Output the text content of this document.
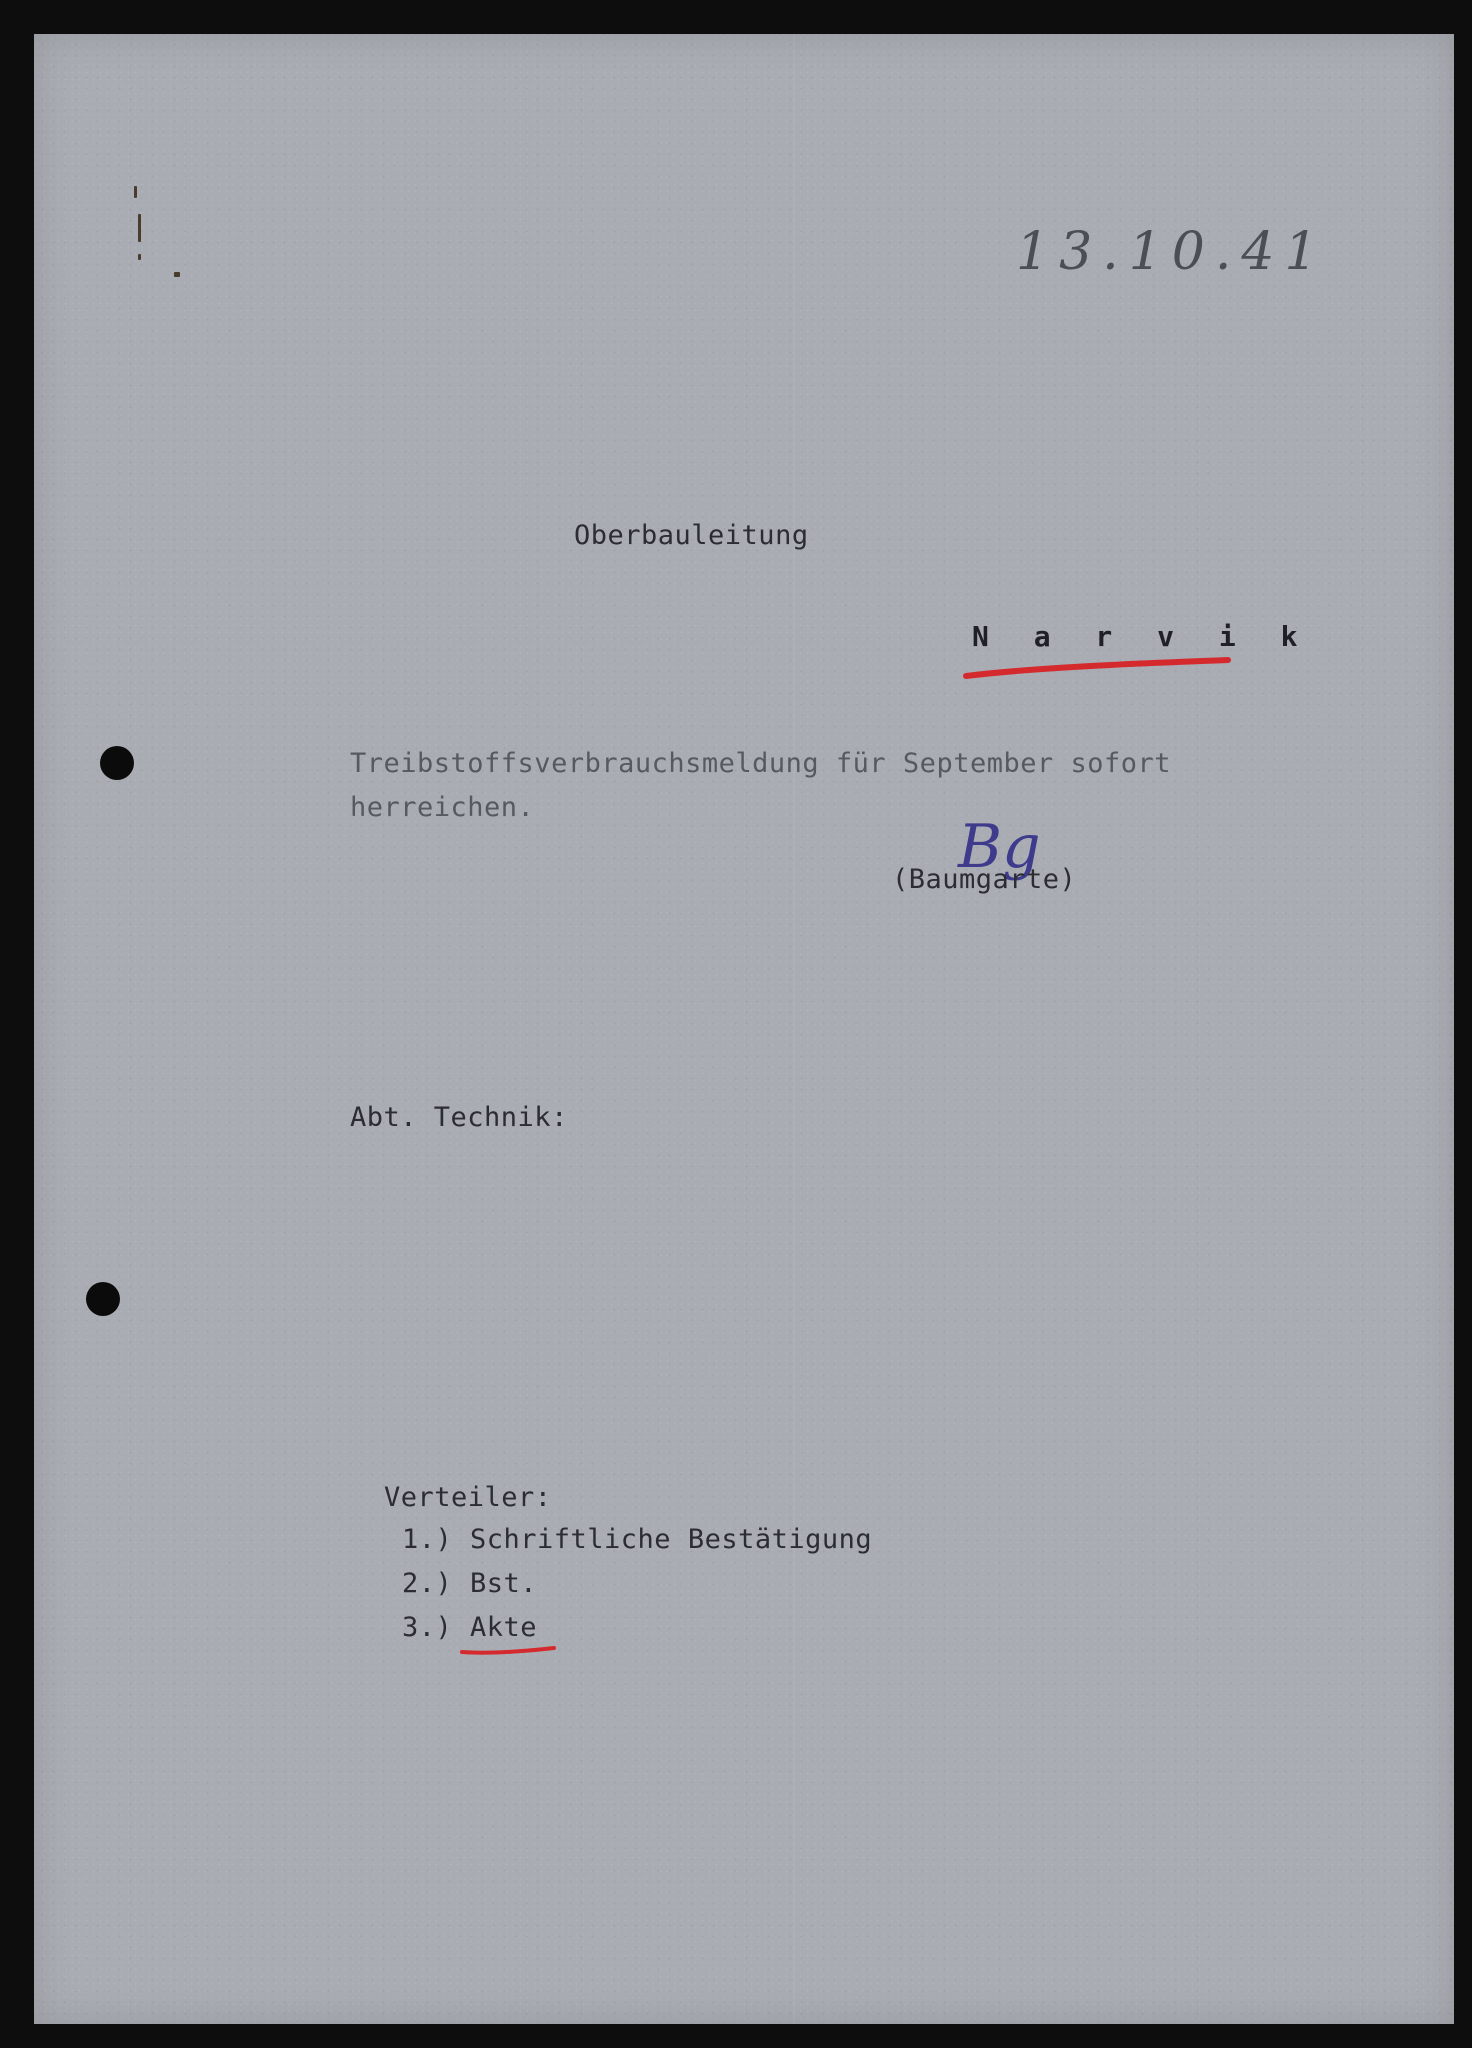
13.10.41
Oberbauleitung
N a r v i k
Treibstoffsverbrauchsmeldung für September sofort
herreichen.
Bg
(Baumgarte)
Abt. Technik:
Verteiler:
1.) Schriftliche Bestätigung
2.) Bst.
3.) Akte
